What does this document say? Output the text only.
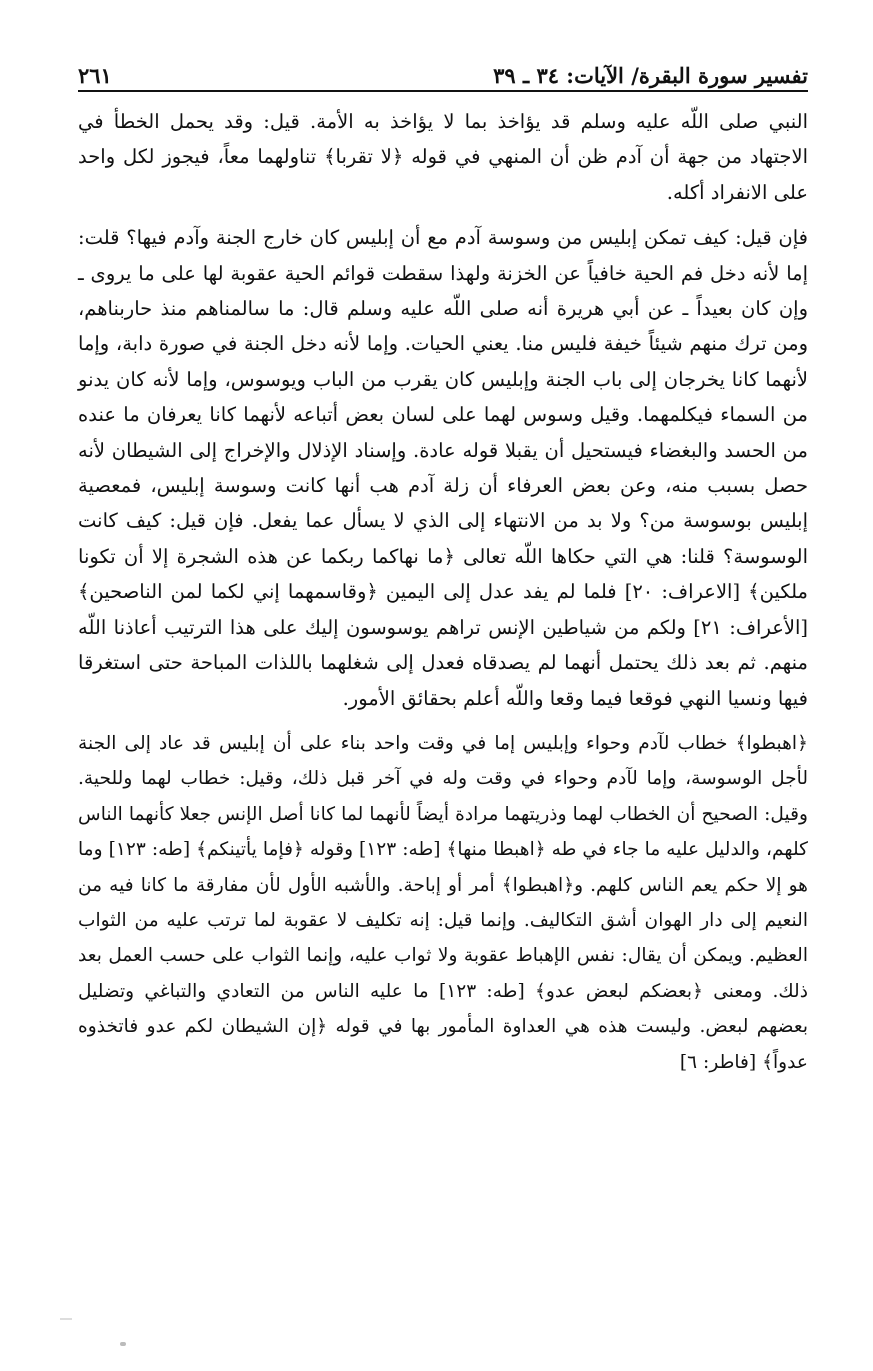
تفسير سورة البقرة/ الآيات: ٣٤ ـ ٣٩
٢٦١

النبي صلى اللّه عليه وسلم قد يؤاخذ بما لا يؤاخذ به الأمة. قيل: وقد يحمل الخطأ في الاجتهاد من جهة أن آدم ظن أن المنهي في قوله ﴿لا تقربا﴾ تناولهما معاً، فيجوز لكل واحد على الانفراد أكله.

فإن قيل: كيف تمكن إبليس من وسوسة آدم مع أن إبليس كان خارج الجنة وآدم فيها؟ قلت: إما لأنه دخل فم الحية خافياً عن الخزنة ولهذا سقطت قوائم الحية عقوبة لها على ما يروى ـ وإن كان بعيداً ـ عن أبي هريرة أنه صلى اللّه عليه وسلم قال: ما سالمناهم منذ حاربناهم، ومن ترك منهم شيئاً خيفة فليس منا. يعني الحيات. وإما لأنه دخل الجنة في صورة دابة، وإما لأنهما كانا يخرجان إلى باب الجنة وإبليس كان يقرب من الباب ويوسوس، وإما لأنه كان يدنو من السماء فيكلمهما. وقيل وسوس لهما على لسان بعض أتباعه لأنهما كانا يعرفان ما عنده من الحسد والبغضاء فيستحيل أن يقبلا قوله عادة. وإسناد الإذلال والإخراج إلى الشيطان لأنه حصل بسبب منه، وعن بعض العرفاء أن زلة آدم هب أنها كانت وسوسة إبليس، فمعصية إبليس بوسوسة من؟ ولا بد من الانتهاء إلى الذي لا يسأل عما يفعل. فإن قيل: كيف كانت الوسوسة؟ قلنا: هي التي حكاها اللّه تعالى ﴿ما نهاكما ربكما عن هذه الشجرة إلا أن تكونا ملكين﴾ [الاعراف: ٢٠] فلما لم يفد عدل إلى اليمين ﴿وقاسمهما إني لكما لمن الناصحين﴾ [الأعراف: ٢١] ولكم من شياطين الإنس تراهم يوسوسون إليك على هذا الترتيب أعاذنا اللّه منهم. ثم بعد ذلك يحتمل أنهما لم يصدقاه فعدل إلى شغلهما باللذات المباحة حتى استغرقا فيها ونسيا النهي فوقعا فيما وقعا واللّه أعلم بحقائق الأمور.

﴿اهبطوا﴾ خطاب لآدم وحواء وإبليس إما في وقت واحد بناء على أن إبليس قد عاد إلى الجنة لأجل الوسوسة، وإما لآدم وحواء في وقت وله في آخر قبل ذلك، وقيل: خطاب لهما وللحية. وقيل: الصحيح أن الخطاب لهما وذريتهما مرادة أيضاً لأنهما لما كانا أصل الإنس جعلا كأنهما الناس كلهم، والدليل عليه ما جاء في طه ﴿اهبطا منها﴾ [طه: ١٢٣] وقوله ﴿فإما يأتينكم﴾ [طه: ١٢٣] وما هو إلا حكم يعم الناس كلهم. و﴿اهبطوا﴾ أمر أو إباحة. والأشبه الأول لأن مفارقة ما كانا فيه من النعيم إلى دار الهوان أشق التكاليف. وإنما قيل: إنه تكليف لا عقوبة لما ترتب عليه من الثواب العظيم. ويمكن أن يقال: نفس الإهباط عقوبة ولا ثواب عليه، وإنما الثواب على حسب العمل بعد ذلك. ومعنى ﴿بعضكم لبعض عدو﴾ [طه: ١٢٣] ما عليه الناس من التعادي والتباغي وتضليل بعضهم لبعض. وليست هذه هي العداوة المأمور بها في قوله ﴿إن الشيطان لكم عدو فاتخذوه عدواً﴾ [فاطر: ٦]
